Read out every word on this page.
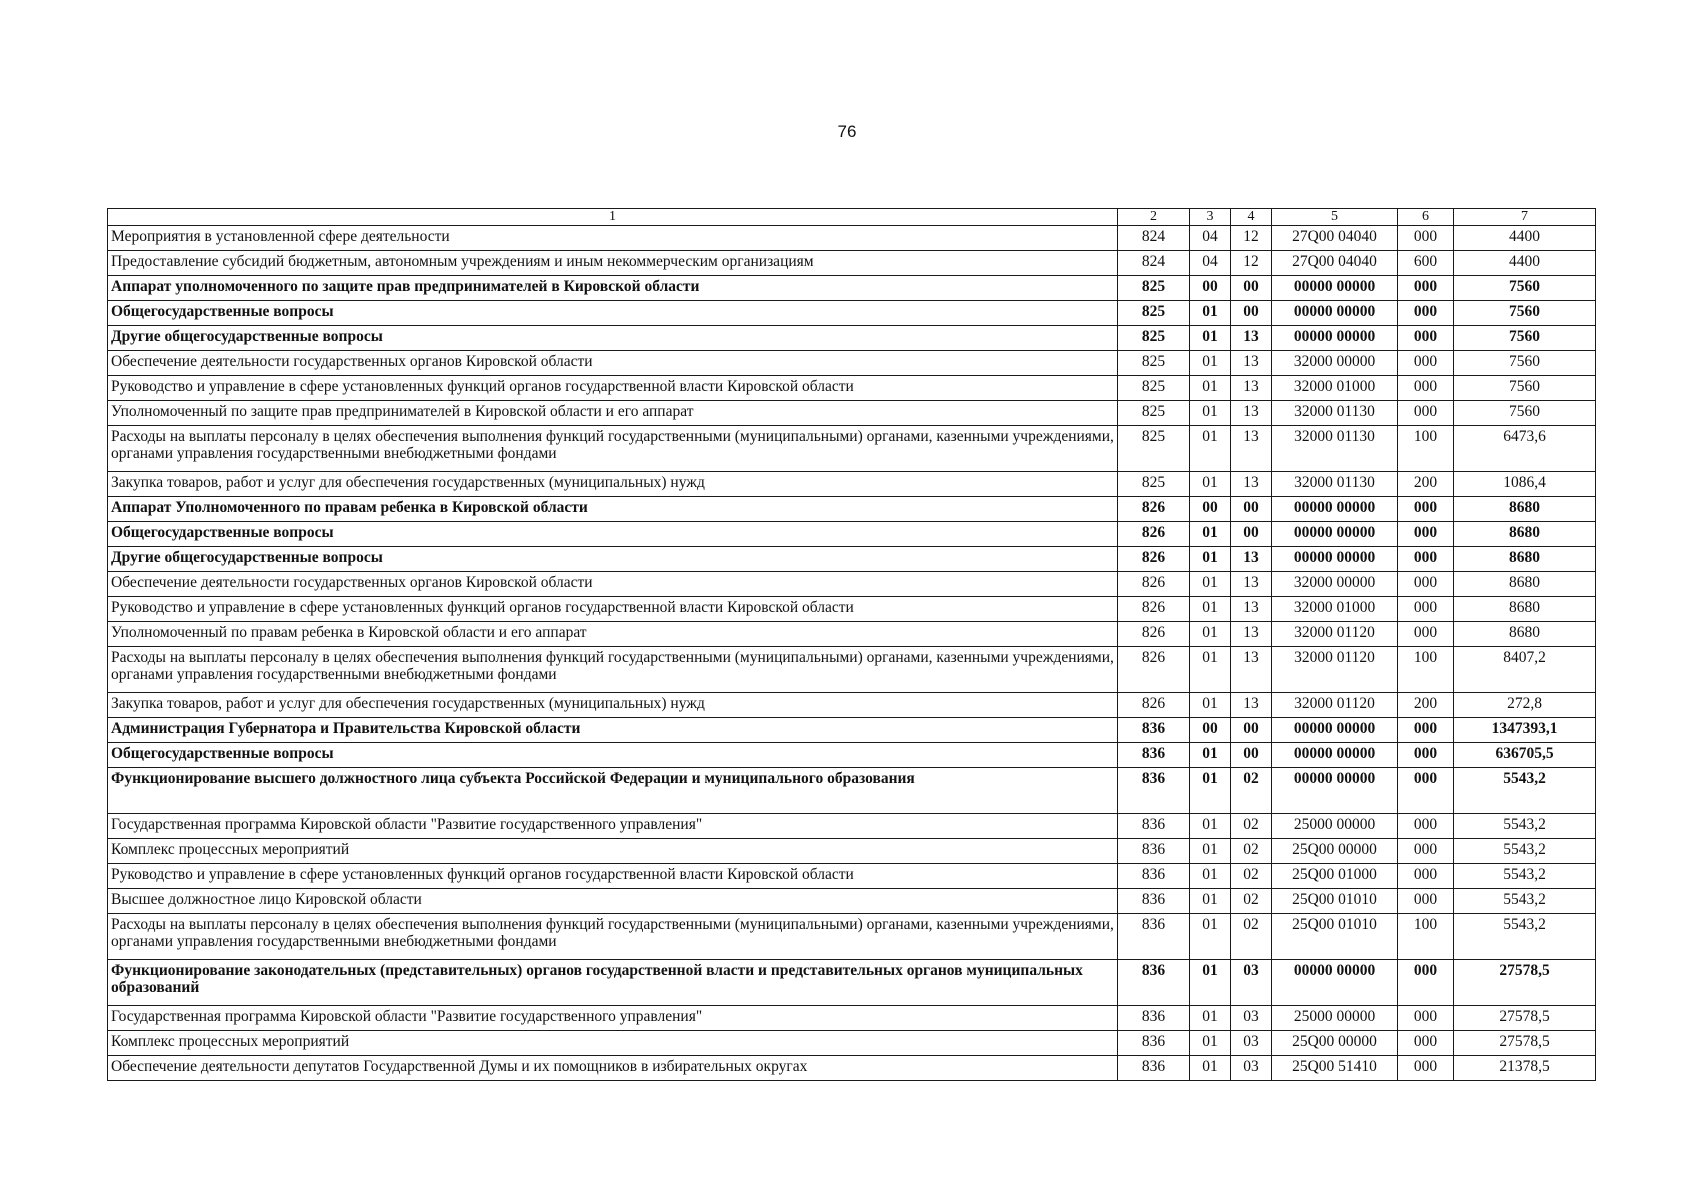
76
1	2	3	4	5	6	7
Мероприятия в установленной сфере деятельности	824	04	12	27Q00 04040	000	4400
Предоставление субсидий бюджетным, автономным учреждениям и иным некоммерческим организациям	824	04	12	27Q00 04040	600	4400
Аппарат уполномоченного по защите прав предпринимателей в Кировской области	825	00	00	00000 00000	000	7560
Общегосударственные вопросы	825	01	00	00000 00000	000	7560
Другие общегосударственные вопросы	825	01	13	00000 00000	000	7560
Обеспечение деятельности государственных органов Кировской области	825	01	13	32000 00000	000	7560
Руководство и управление в сфере установленных функций органов государственной власти Кировской области	825	01	13	32000 01000	000	7560
Уполномоченный по защите прав предпринимателей в Кировской области и его аппарат	825	01	13	32000 01130	000	7560
Расходы на выплаты персоналу в целях обеспечения выполнения функций государственными (муниципальными) органами, казенными учреждениями, органами управления государственными внебюджетными фондами	825	01	13	32000 01130	100	6473,6
Закупка товаров, работ и услуг для обеспечения государственных (муниципальных) нужд	825	01	13	32000 01130	200	1086,4
Аппарат Уполномоченного по правам ребенка в Кировской области	826	00	00	00000 00000	000	8680
Общегосударственные вопросы	826	01	00	00000 00000	000	8680
Другие общегосударственные вопросы	826	01	13	00000 00000	000	8680
Обеспечение деятельности государственных органов Кировской области	826	01	13	32000 00000	000	8680
Руководство и управление в сфере установленных функций органов государственной власти Кировской области	826	01	13	32000 01000	000	8680
Уполномоченный по правам ребенка в Кировской области и его аппарат	826	01	13	32000 01120	000	8680
Расходы на выплаты персоналу в целях обеспечения выполнения функций государственными (муниципальными) органами, казенными учреждениями, органами управления государственными внебюджетными фондами	826	01	13	32000 01120	100	8407,2
Закупка товаров, работ и услуг для обеспечения государственных (муниципальных) нужд	826	01	13	32000 01120	200	272,8
Администрация Губернатора и Правительства Кировской области	836	00	00	00000 00000	000	1347393,1
Общегосударственные вопросы	836	01	00	00000 00000	000	636705,5
Функционирование высшего должностного лица субъекта Российской Федерации и муниципального образования	836	01	02	00000 00000	000	5543,2
Государственная программа Кировской области "Развитие государственного управления"	836	01	02	25000 00000	000	5543,2
Комплекс процессных мероприятий	836	01	02	25Q00 00000	000	5543,2
Руководство и управление в сфере установленных функций органов государственной власти Кировской области	836	01	02	25Q00 01000	000	5543,2
Высшее должностное лицо Кировской области	836	01	02	25Q00 01010	000	5543,2
Расходы на выплаты персоналу в целях обеспечения выполнения функций государственными (муниципальными) органами, казенными учреждениями, органами управления государственными внебюджетными фондами	836	01	02	25Q00 01010	100	5543,2
Функционирование законодательных (представительных) органов государственной власти и представительных органов муниципальных образований	836	01	03	00000 00000	000	27578,5
Государственная программа Кировской области "Развитие государственного управления"	836	01	03	25000 00000	000	27578,5
Комплекс процессных мероприятий	836	01	03	25Q00 00000	000	27578,5
Обеспечение деятельности депутатов Государственной Думы и их помощников в избирательных округах	836	01	03	25Q00 51410	000	21378,5
